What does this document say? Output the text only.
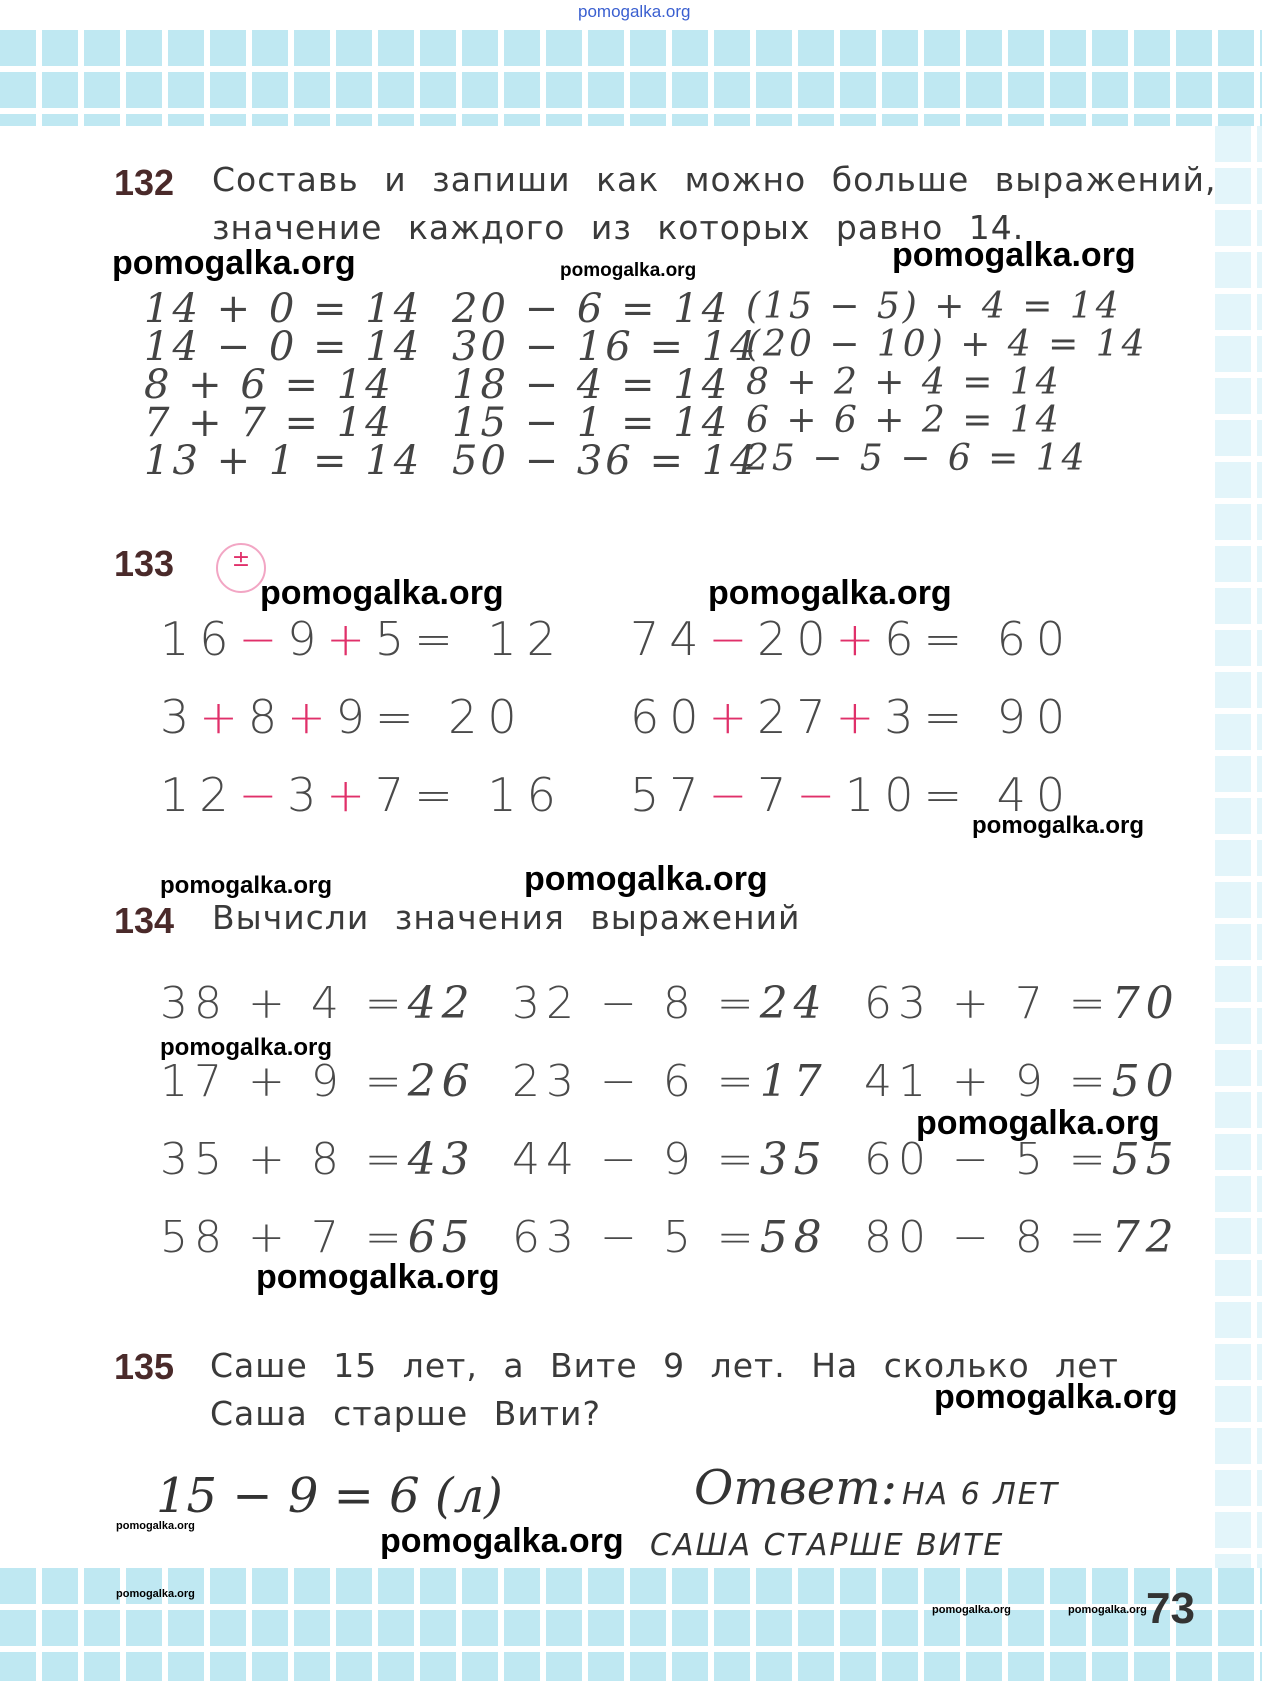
pomogalka.org
132 Составь и запиши как можно больше выражений,
значение каждого из которых равно 14.
14 + 0 = 14
14 − 0 = 14
8 + 6 = 14
7 + 7 = 14
13 + 1 = 14
20 − 6 = 14
30 − 16 = 14
18 − 4 = 14
15 − 1 = 14
50 − 36 = 14
(15 − 5) + 4 = 14
(20 − 10) + 4 = 14
8 + 2 + 4 = 14
6 + 6 + 2 = 14
25 − 5 − 6 = 14
133	±
16−9+5= 12 74−20+6= 60
3+8+9= 20 60+27+3= 90
12−3+7= 16 57−7−10= 40
134 Вычисли значения выражений
38 + 4 =42 32 − 8 =24 63 + 7 =70
17 + 9 =26 23 − 6 =17 41 + 9 =50
35 + 8 =43 44 − 9 =35 60 − 5 =55
58 + 7 =65 63 − 5 =58 80 − 8 =72
135 Саше 15 лет, а Вите 9 лет. На сколько лет
Саша старше Вити?
15 − 9 = 6 (л)	Ответ: НА 6 ЛЕТ
САША СТАРШЕ ВИТЕ
pomogalka.org	pomogalka.org	pomogalka.org
pomogalka.org	pomogalka.org
pomogalka.org
pomogalka.org	pomogalka.org
pomogalka.org
pomogalka.org
pomogalka.org
pomogalka.org
pomogalka.org	pomogalka.org
pomogalka.org
pomogalka.org	pomogalka.org 73
